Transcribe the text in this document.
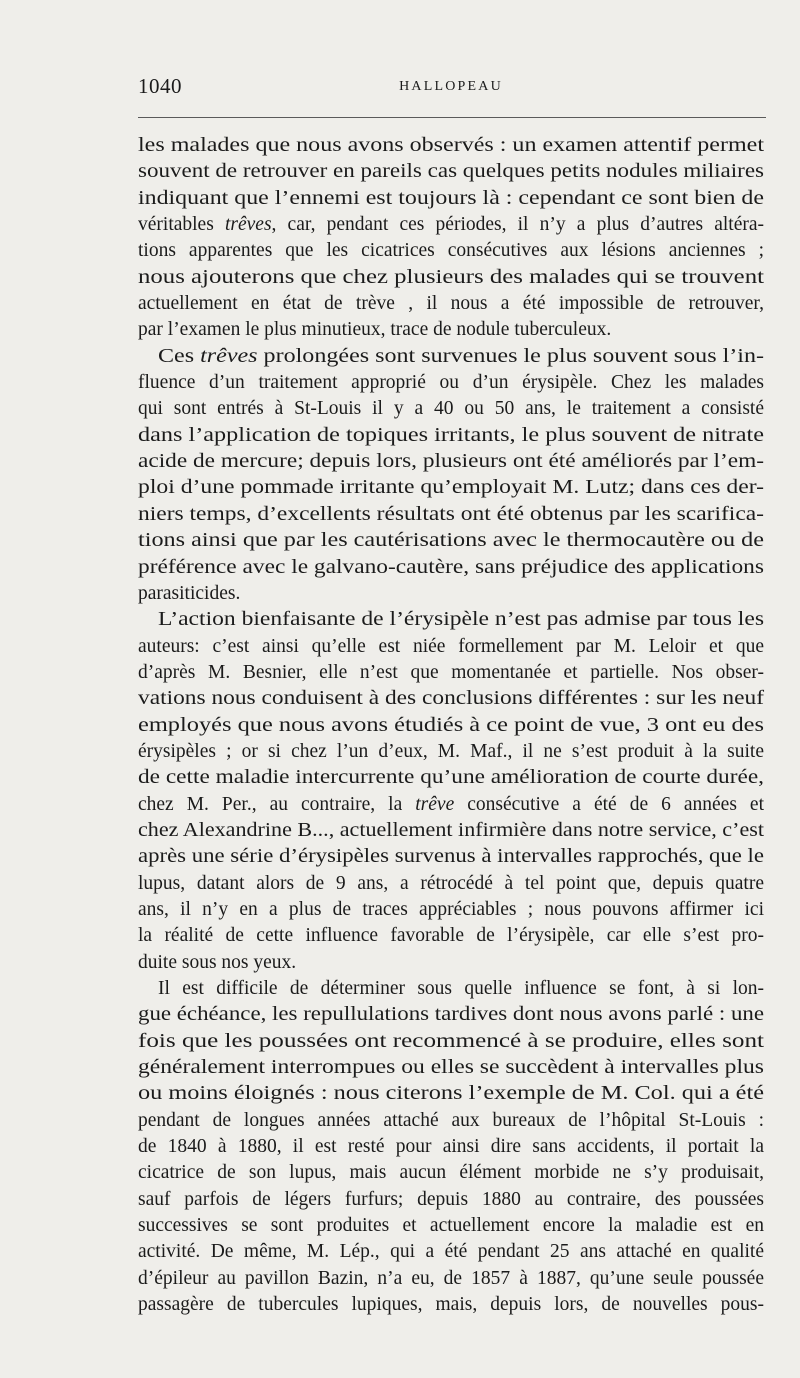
1040	HALLOPEAU
les malades que nous avons observés : un examen attentif permet
souvent de retrouver en pareils cas quelques petits nodules miliaires
indiquant que l’ennemi est toujours là : cependant ce sont bien de
véritables trêves, car, pendant ces périodes, il n’y a plus d’autres altéra-
tions apparentes que les cicatrices consécutives aux lésions anciennes ;
nous ajouterons que chez plusieurs des malades qui se trouvent
actuellement en état de trève , il nous a été impossible de retrouver,
par l’examen le plus minutieux, trace de nodule tuberculeux.
Ces trêves prolongées sont survenues le plus souvent sous l’in-
fluence d’un traitement approprié ou d’un érysipèle. Chez les malades
qui sont entrés à St-Louis il y a 40 ou 50 ans, le traitement a consisté
dans l’application de topiques irritants, le plus souvent de nitrate
acide de mercure; depuis lors, plusieurs ont été améliorés par l’em-
ploi d’une pommade irritante qu’employait M. Lutz; dans ces der-
niers temps, d’excellents résultats ont été obtenus par les scarifica-
tions ainsi que par les cautérisations avec le thermocautère ou de
préférence avec le galvano-cautère, sans préjudice des applications
parasiticides.
L’action bienfaisante de l’érysipèle n’est pas admise par tous les
auteurs: c’est ainsi qu’elle est niée formellement par M. Leloir et que
d’après M. Besnier, elle n’est que momentanée et partielle. Nos obser-
vations nous conduisent à des conclusions différentes : sur les neuf
employés que nous avons étudiés à ce point de vue, 3 ont eu des
érysipèles ; or si chez l’un d’eux, M. Maf., il ne s’est produit à la suite
de cette maladie intercurrente qu’une amélioration de courte durée,
chez M. Per., au contraire, la trêve consécutive a été de 6 années et
chez Alexandrine B..., actuellement infirmière dans notre service, c’est
après une série d’érysipèles survenus à intervalles rapprochés, que le
lupus, datant alors de 9 ans, a rétrocédé à tel point que, depuis quatre
ans, il n’y en a plus de traces appréciables ; nous pouvons affirmer ici
la réalité de cette influence favorable de l’érysipèle, car elle s’est pro-
duite sous nos yeux.
Il est difficile de déterminer sous quelle influence se font, à si lon-
gue échéance, les repullulations tardives dont nous avons parlé : une
fois que les poussées ont recommencé à se produire, elles sont
généralement interrompues ou elles se succèdent à intervalles plus
ou moins éloignés : nous citerons l’exemple de M. Col. qui a été
pendant de longues années attaché aux bureaux de l’hôpital St-Louis :
de 1840 à 1880, il est resté pour ainsi dire sans accidents, il portait la
cicatrice de son lupus, mais aucun élément morbide ne s’y produisait,
sauf parfois de légers furfurs; depuis 1880 au contraire, des poussées
successives se sont produites et actuellement encore la maladie est en
activité. De même, M. Lép., qui a été pendant 25 ans attaché en qualité
d’épileur au pavillon Bazin, n’a eu, de 1857 à 1887, qu’une seule poussée
passagère de tubercules lupiques, mais, depuis lors, de nouvelles pous-
